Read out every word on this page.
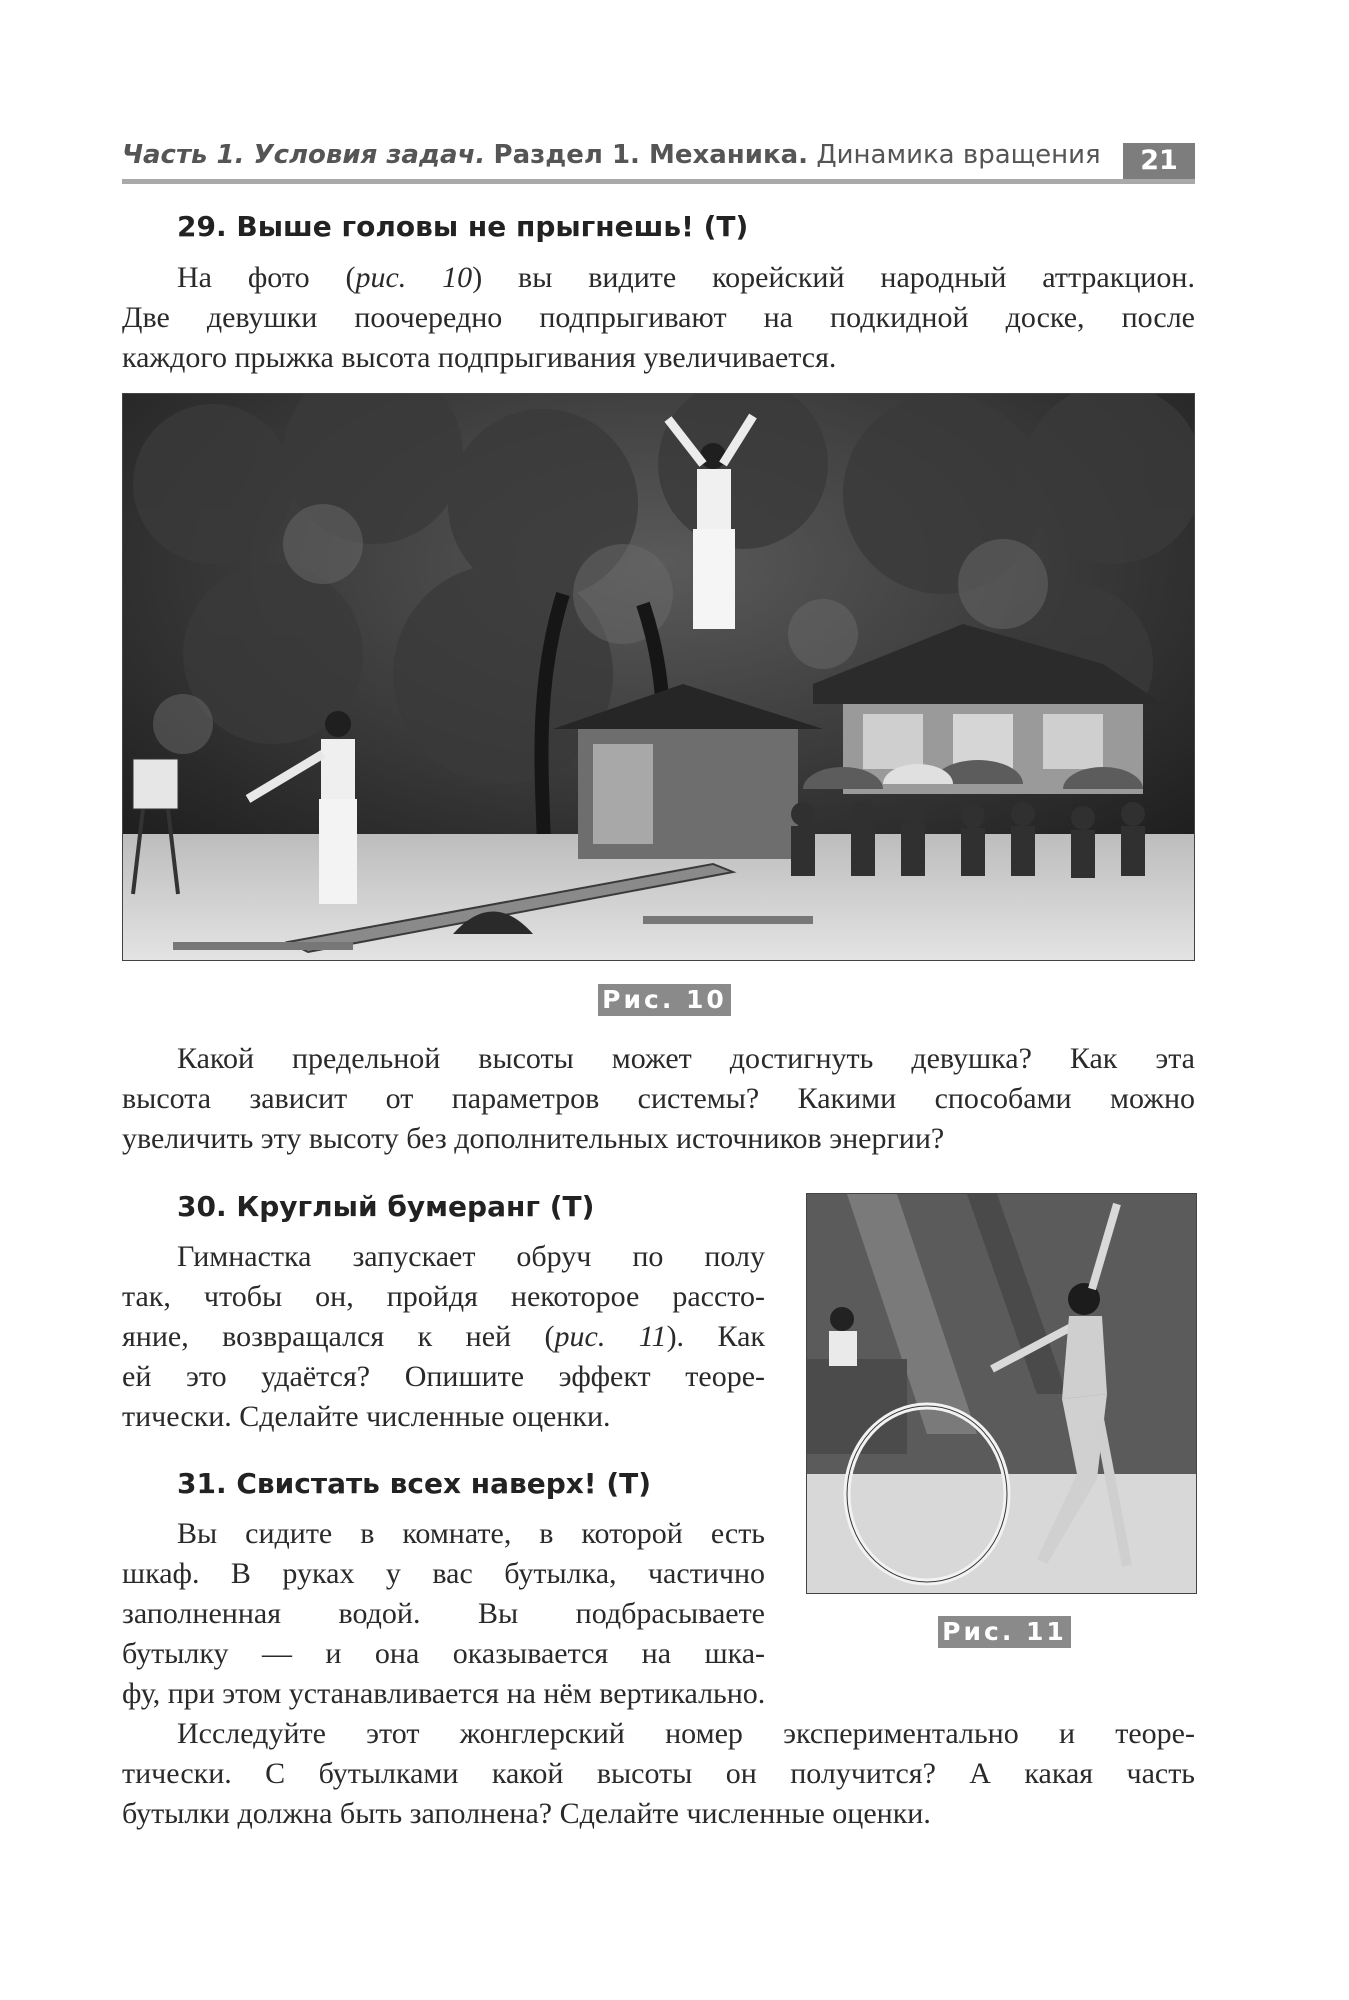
Часть 1. Условия задач. Раздел 1. Механика. Динамика вращения	21
29. Выше головы не прыгнешь! (Т)
На фото (рис. 10) вы видите корейский народный аттракцион.
Две девушки поочередно подпрыгивают на подкидной доске, после
каждого прыжка высота подпрыгивания увеличивается.
Рис. 10
Какой предельной высоты может достигнуть девушка? Как эта
высота зависит от параметров системы? Какими способами можно
увеличить эту высоту без дополнительных источников энергии?
30. Круглый бумеранг (Т)
Гимнастка запускает обруч по полу
так, чтобы он, пройдя некоторое рассто-
яние, возвращался к ней (рис. 11). Как
ей это удаётся? Опишите эффект теоре-
тически. Сделайте численные оценки.
Рис. 11
31. Свистать всех наверх! (Т)
Вы сидите в комнате, в которой есть
шкаф. В руках у вас бутылка, частично
заполненная водой. Вы подбрасываете
бутылку — и она оказывается на шка-
фу, при этом устанавливается на нём вертикально.
Исследуйте этот жонглерский номер экспериментально и теоре-
тически. С бутылками какой высоты он получится? А какая часть
бутылки должна быть заполнена? Сделайте численные оценки.
